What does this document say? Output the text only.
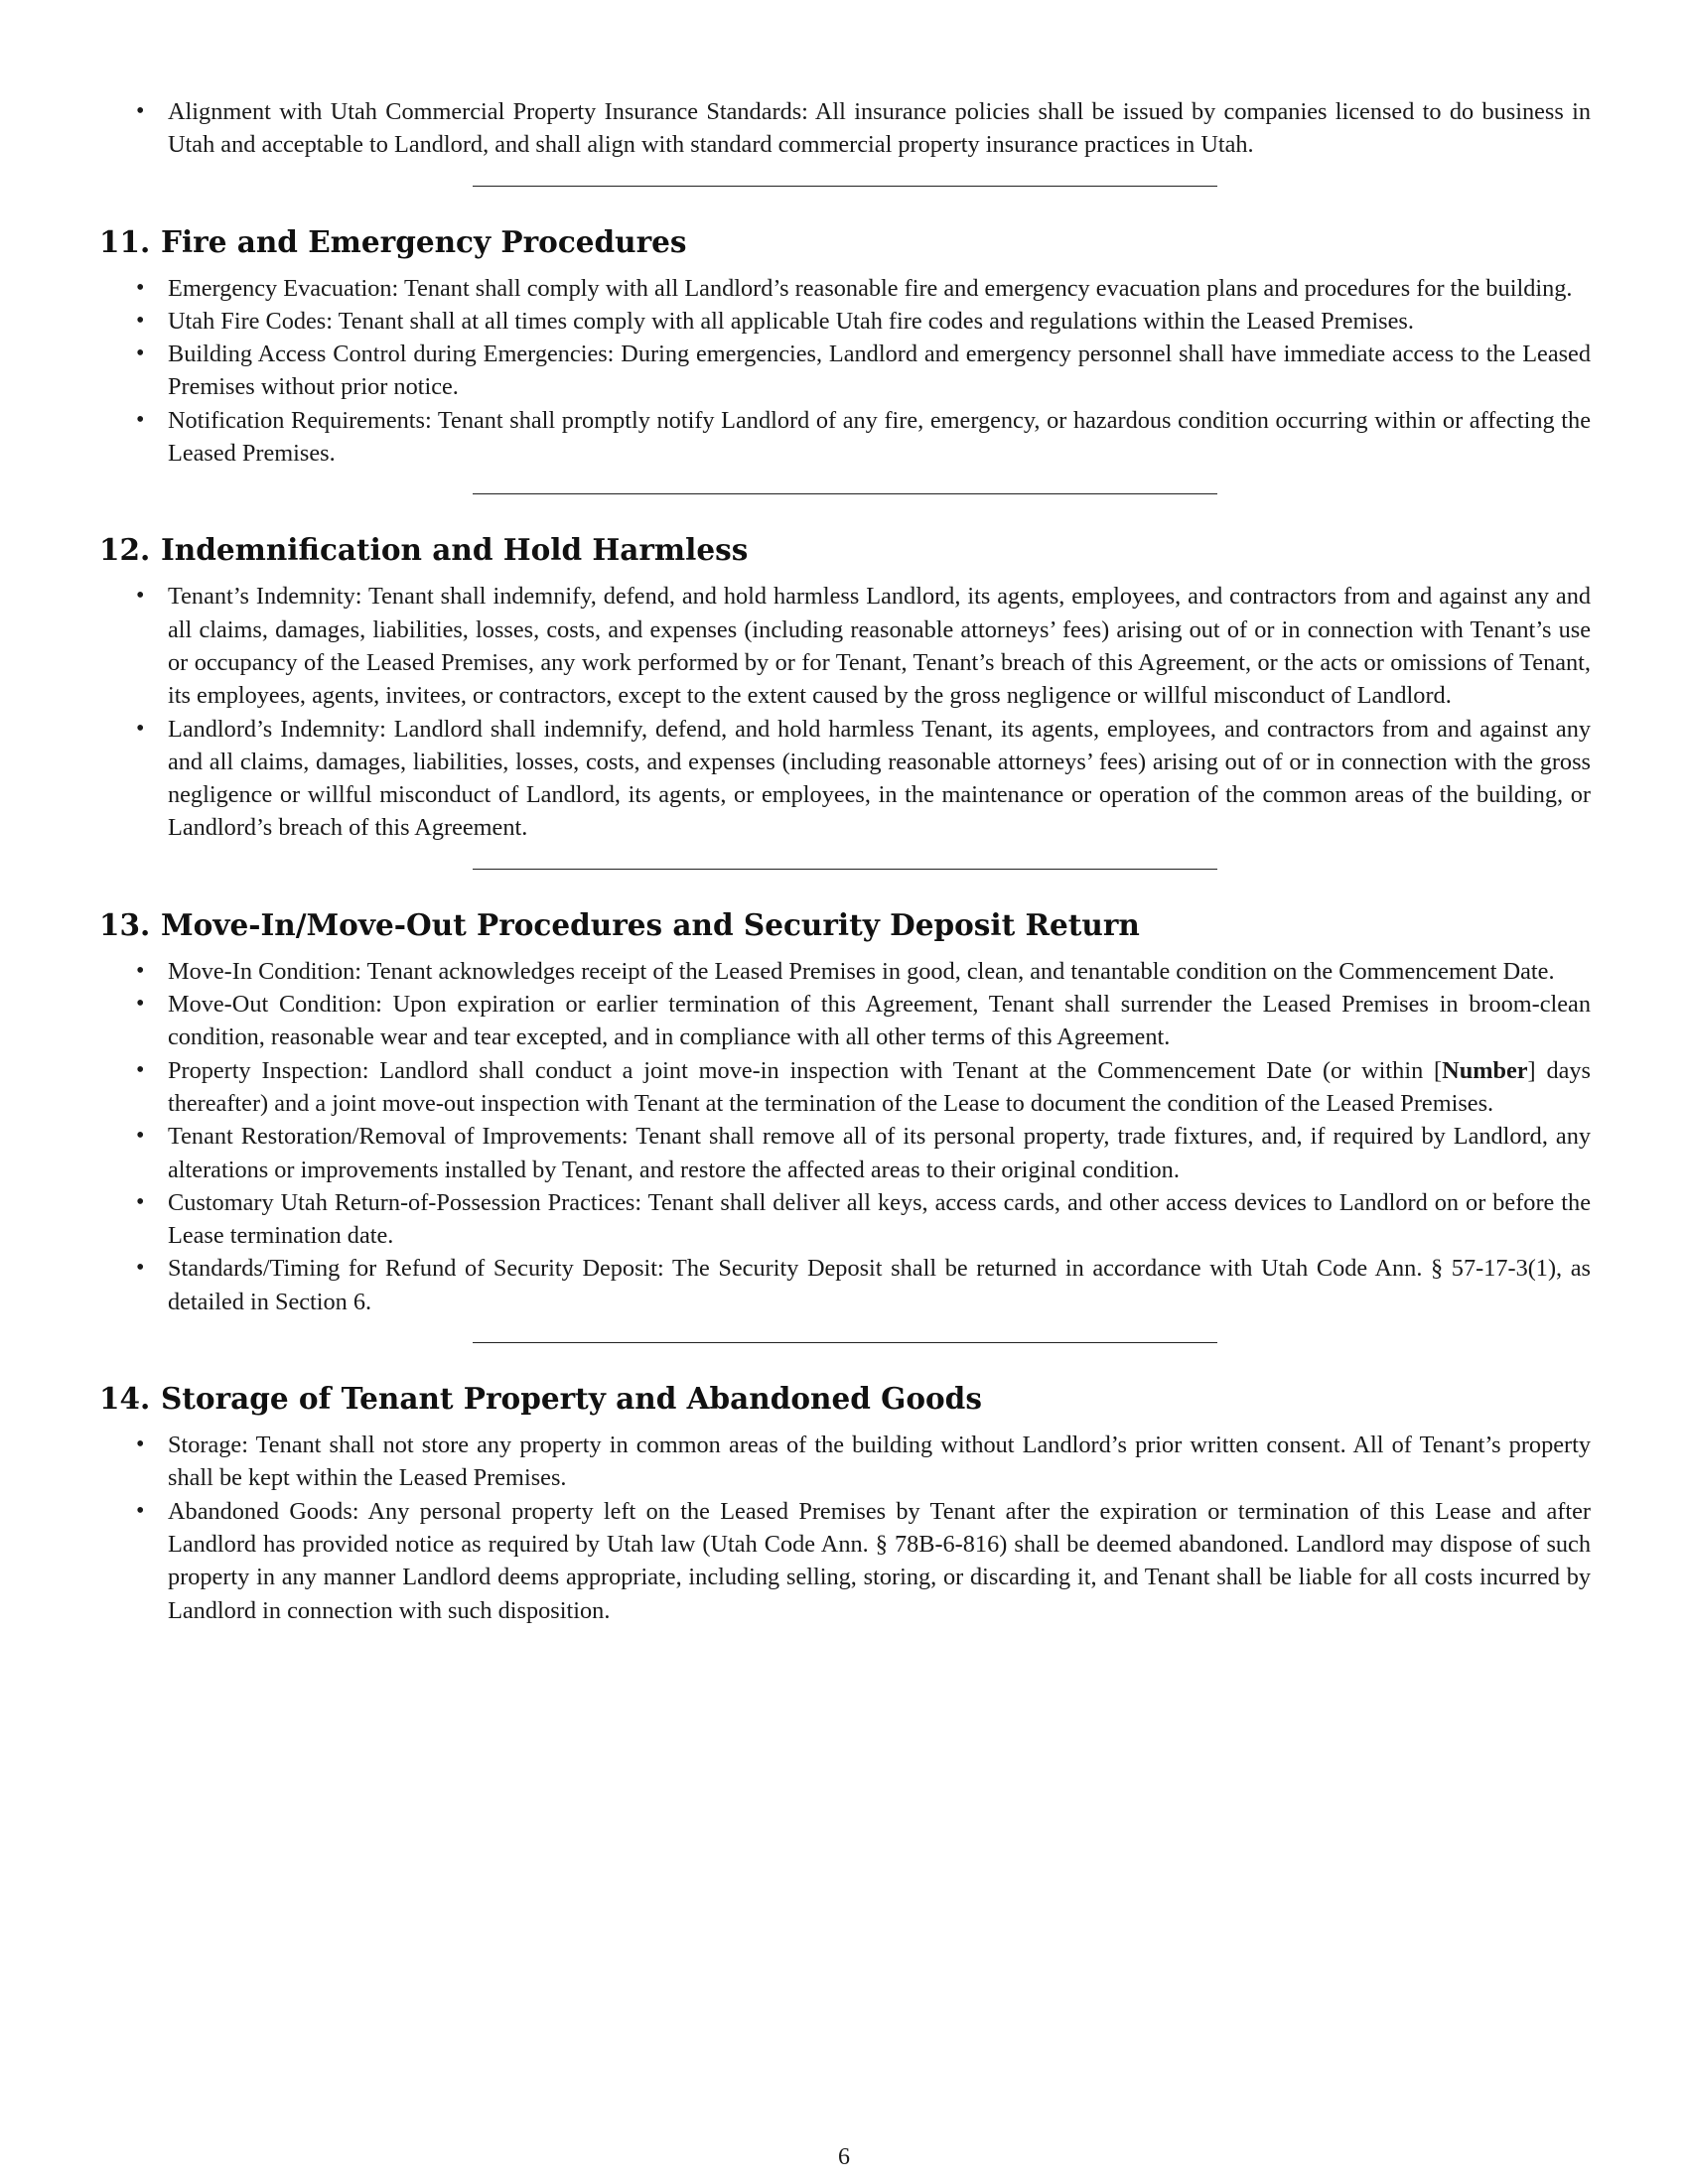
• Alignment with Utah Commercial Property Insurance Standards: All insurance policies shall be issued by companies licensed to do business in Utah and acceptable to Landlord, and shall align with standard commercial property insurance practices in Utah.
11. Fire and Emergency Procedures
• Emergency Evacuation: Tenant shall comply with all Landlord’s reasonable fire and emergency evacuation plans and procedures for the building.
• Utah Fire Codes: Tenant shall at all times comply with all applicable Utah fire codes and regulations within the Leased Premises.
• Building Access Control during Emergencies: During emergencies, Landlord and emergency personnel shall have immediate access to the Leased Premises without prior notice.
• Notification Requirements: Tenant shall promptly notify Landlord of any fire, emergency, or hazardous condition occurring within or affecting the Leased Premises.
12. Indemnification and Hold Harmless
• Tenant’s Indemnity: Tenant shall indemnify, defend, and hold harmless Landlord, its agents, employees, and contractors from and against any and all claims, damages, liabilities, losses, costs, and expenses (including reasonable attorneys’ fees) arising out of or in connection with Tenant’s use or occupancy of the Leased Premises, any work performed by or for Tenant, Tenant’s breach of this Agreement, or the acts or omissions of Tenant, its employees, agents, invitees, or contractors, except to the extent caused by the gross negligence or willful misconduct of Landlord.
• Landlord’s Indemnity: Landlord shall indemnify, defend, and hold harmless Tenant, its agents, employees, and contractors from and against any and all claims, damages, liabilities, losses, costs, and expenses (including reasonable attorneys’ fees) arising out of or in connection with the gross negligence or willful misconduct of Landlord, its agents, or employees, in the maintenance or operation of the common areas of the building, or Landlord’s breach of this Agreement.
13. Move-In/Move-Out Procedures and Security Deposit Return
• Move-In Condition: Tenant acknowledges receipt of the Leased Premises in good, clean, and tenantable condition on the Commencement Date.
• Move-Out Condition: Upon expiration or earlier termination of this Agreement, Tenant shall surrender the Leased Premises in broom-clean condition, reasonable wear and tear excepted, and in compliance with all other terms of this Agreement.
• Property Inspection: Landlord shall conduct a joint move-in inspection with Tenant at the Commencement Date (or within [Number] days thereafter) and a joint move-out inspection with Tenant at the termination of the Lease to document the condition of the Leased Premises.
• Tenant Restoration/Removal of Improvements: Tenant shall remove all of its personal property, trade fixtures, and, if required by Landlord, any alterations or improvements installed by Tenant, and restore the affected areas to their original condition.
• Customary Utah Return-of-Possession Practices: Tenant shall deliver all keys, access cards, and other access devices to Landlord on or before the Lease termination date.
• Standards/Timing for Refund of Security Deposit: The Security Deposit shall be returned in accordance with Utah Code Ann. § 57-17-3(1), as detailed in Section 6.
14. Storage of Tenant Property and Abandoned Goods
• Storage: Tenant shall not store any property in common areas of the building without Landlord’s prior written consent. All of Tenant’s property shall be kept within the Leased Premises.
• Abandoned Goods: Any personal property left on the Leased Premises by Tenant after the expiration or termination of this Lease and after Landlord has provided notice as required by Utah law (Utah Code Ann. § 78B-6-816) shall be deemed abandoned. Landlord may dispose of such property in any manner Landlord deems appropriate, including selling, storing, or discarding it, and Tenant shall be liable for all costs incurred by Landlord in connection with such disposition.
6
